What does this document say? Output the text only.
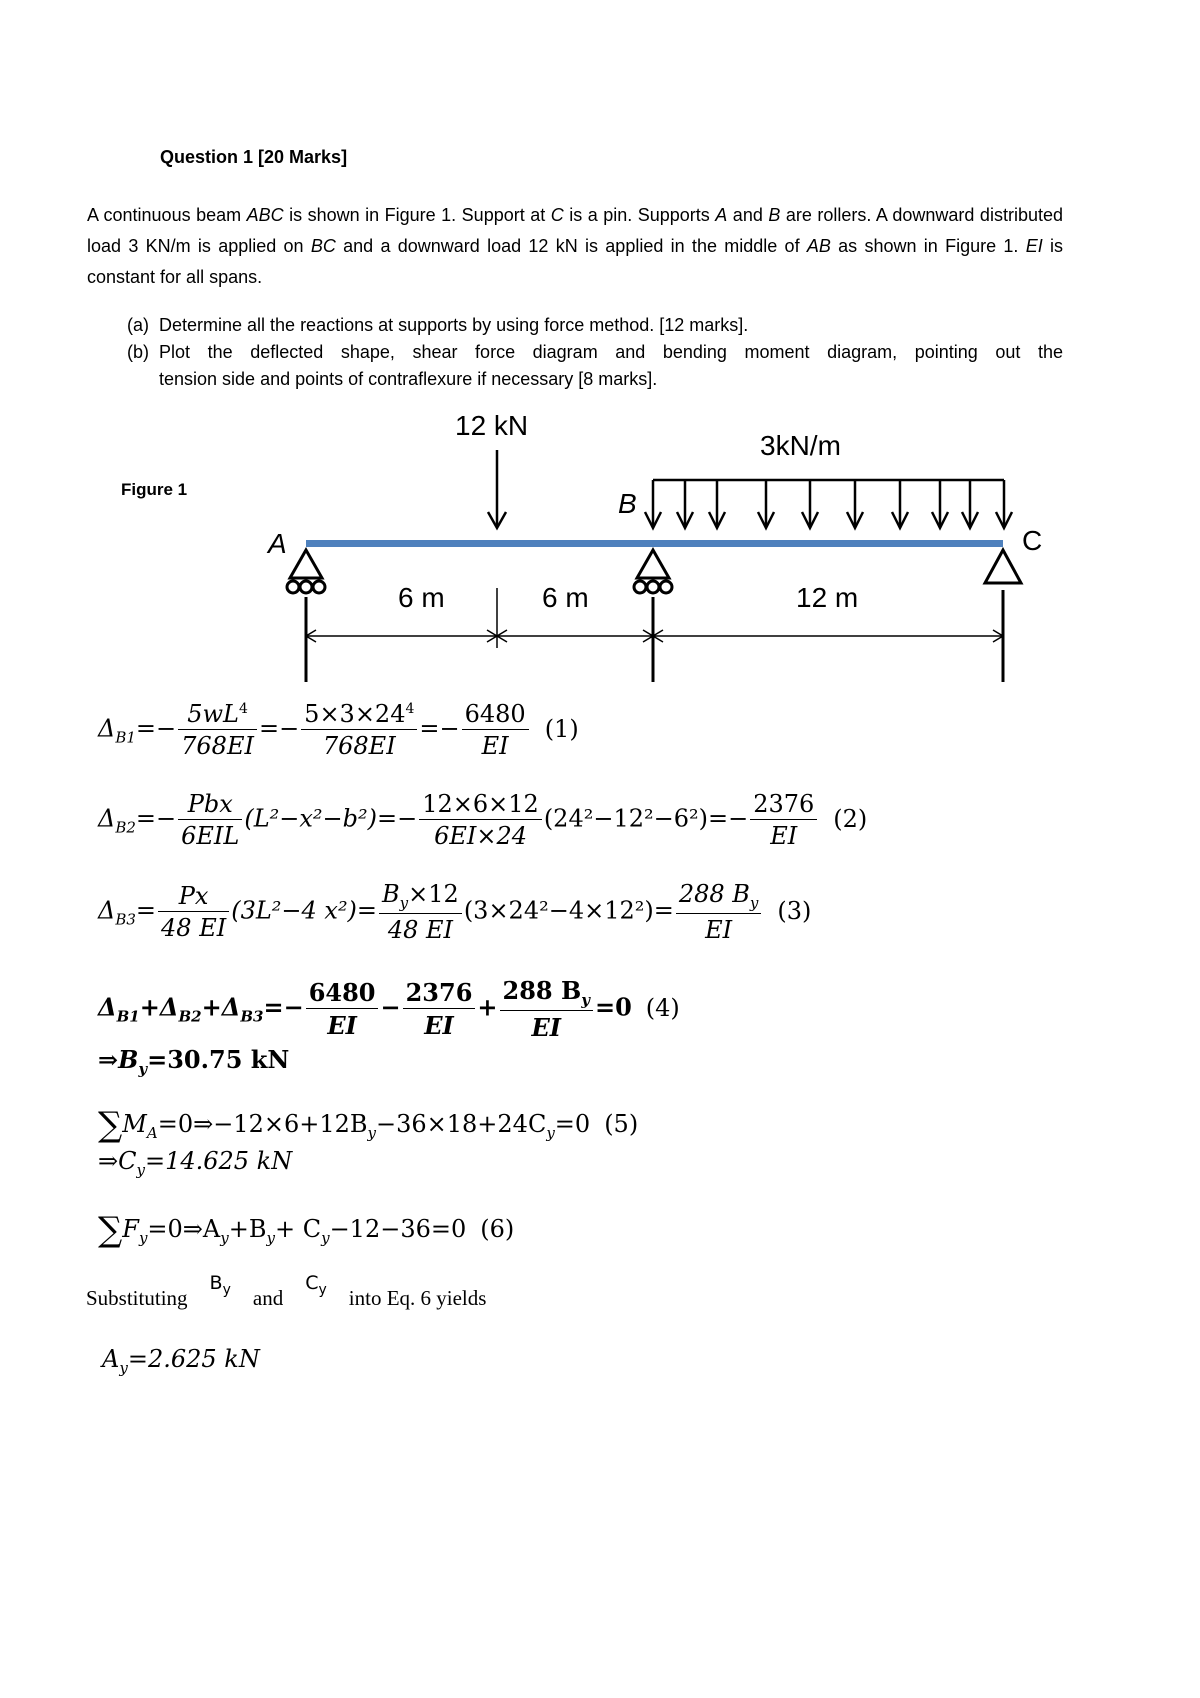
Question 1 [20 Marks]
A continuous beam ABC is shown in Figure 1. Support at C is a pin. Supports A and B are rollers. A downward distributed load 3 KN/m is applied on BC and a downward load 12 kN is applied in the middle of AB as shown in Figure 1. EI is constant for all spans.
(a) Determine all the reactions at supports by using force method. [12 marks].
(b) Plot the deflected shape, shear force diagram and bending moment diagram, pointing out the
tension side and points of contraflexure if necessary [8 marks].
Figure 1
12 kN
3kN/m
A
B
C
6 m	6 m	12 m
$\Delta_{B1}=- \frac{5wL^4}{768EI} =- \frac{5\times 3\times 24^4}{768EI} =- \frac{6480}{EI} (1)$
$\Delta_{B2}=- \frac{\text{Pbx}}{\text{6EIL}} (L^2-x^2-b^2)=- \frac{12\times 6\times 12}{6EI\times 24} (24^2-12^2-6^2)=- \frac{2376}{EI} (2)$
$\Delta_{B3}= \frac{Px}{48 EI} (3L^2-4$ $x^2)= \frac{B_y\times 12}{48 EI} (3\times 24^2-4\times 12^2)= \frac{288 B_y}{EI} (3)$
$\Delta_{B1}+\Delta_{B2}+\Delta_{B3}=- \frac{6480}{EI} - \frac{2376}{EI} + \frac{288 B_y}{EI} =0$ (4)
$\Rightarrow B_y=30.75$ kN
$\sum M_A=0\Rightarrow-12\times 6+12B_y-36\times 18+24C_y=0$ (5)
$\Rightarrow C_y=14.625$ kN
$\sum F_y=0\Rightarrow A_y+B_y+ C_y-12-36=0$ (6)
SubstitutingB$_y$ andC$_y$ into Eq. 6 yields
$A_y=2.625$ kN
